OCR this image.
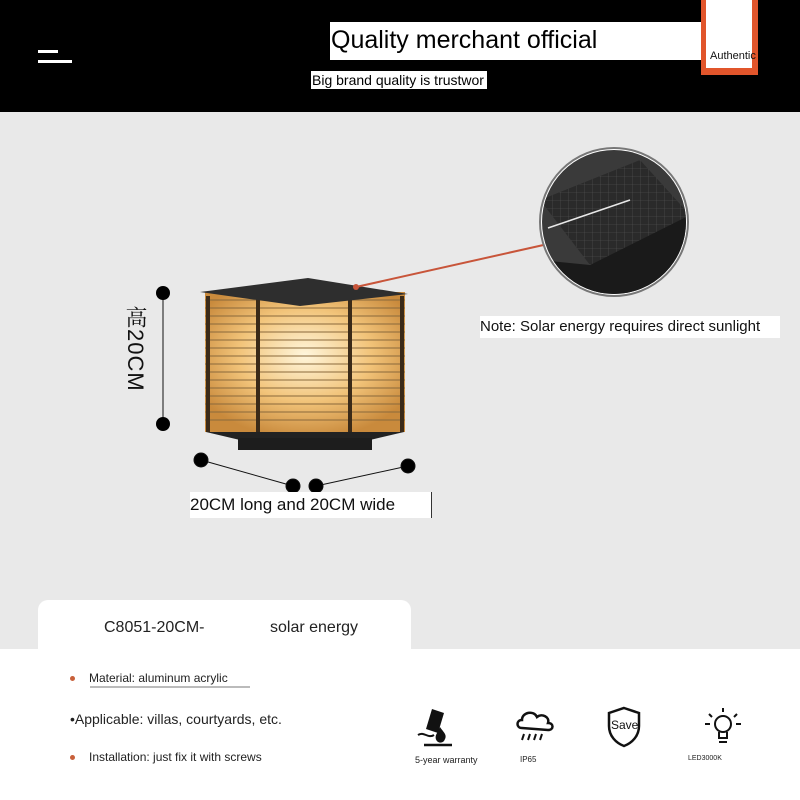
Quality merchant official
Authentic
Big brand quality is trustwor
高20CM	Note: Solar energy requires direct sunlight
20CM long and 20CM wide
C8051-20CM-	solar energy
Material: aluminum acrylic
•Applicable: villas, courtyards, etc.
Installation: just fix it with screws	5-year warranty	IP65
Save
LED3000K
